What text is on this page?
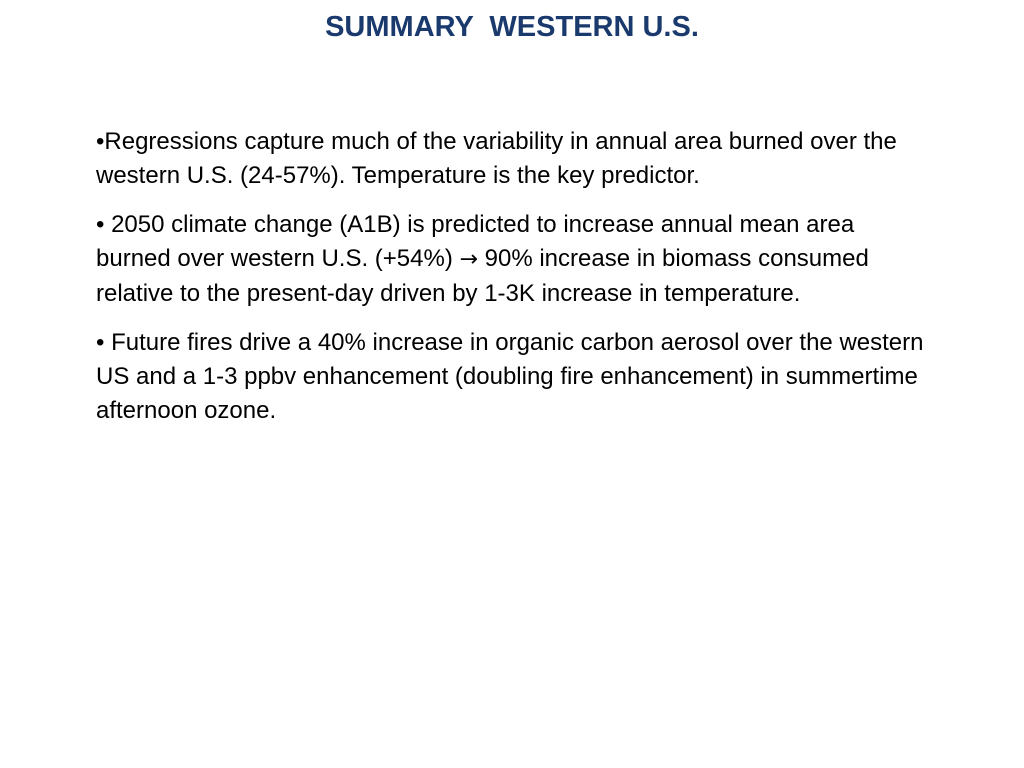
SUMMARY  WESTERN U.S.

•Regressions capture much of the variability in annual area burned over the western U.S. (24-57%). Temperature is the key predictor.

• 2050 climate change (A1B) is predicted to increase annual mean area burned over western U.S. (+54%) → 90% increase in biomass consumed relative to the present-day driven by 1-3K increase in temperature.

• Future fires drive a 40% increase in organic carbon aerosol over the western US and a 1-3 ppbv enhancement (doubling fire enhancement) in summertime afternoon ozone.
